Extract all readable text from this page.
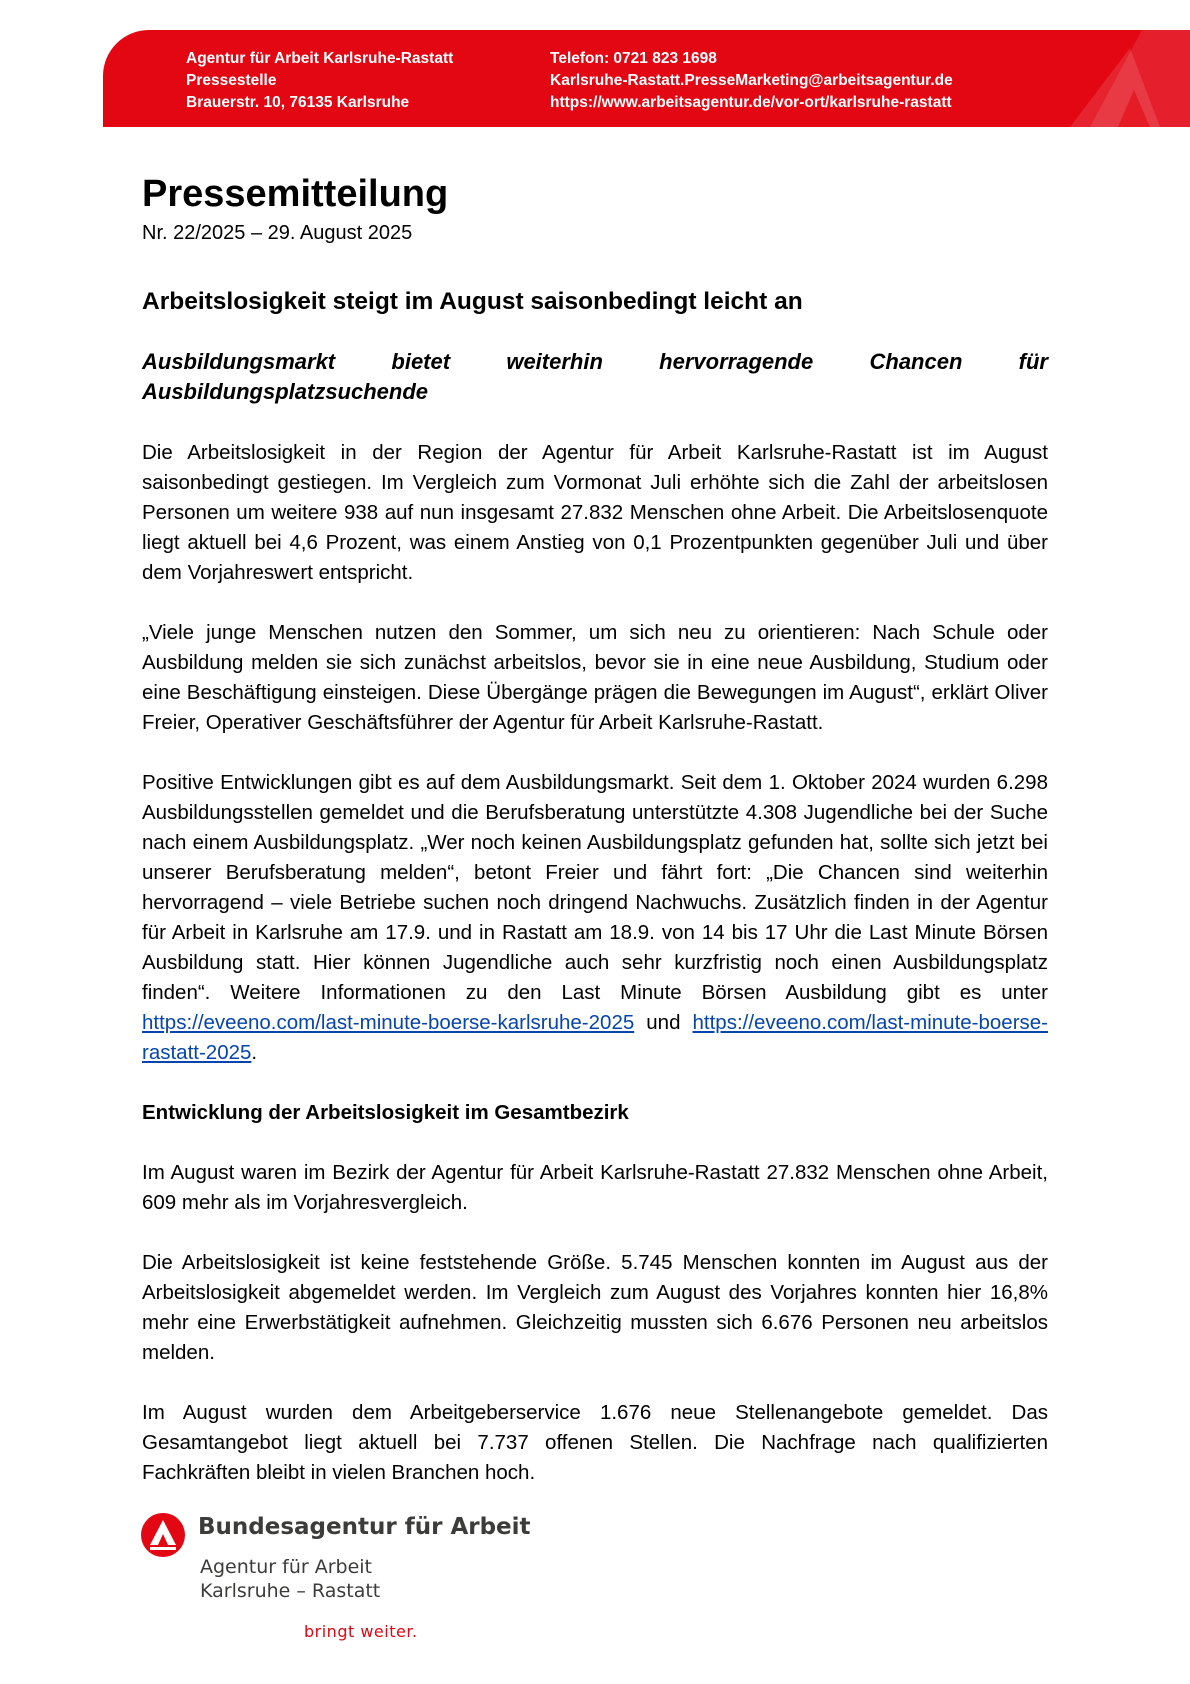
Agentur für Arbeit Karlsruhe-Rastatt
Pressestelle
Brauerstr. 10, 76135 Karlsruhe
Telefon: 0721 823 1698
Karlsruhe-Rastatt.PresseMarketing@arbeitsagentur.de
https://www.arbeitsagentur.de/vor-ort/karlsruhe-rastatt
Pressemitteilung
Nr. 22/2025 – 29. August 2025
Arbeitslosigkeit steigt im August saisonbedingt leicht an
Ausbildungsmarkt bietet weiterhin hervorragende Chancen für Ausbildungsplatzsuchende

Die Arbeitslosigkeit in der Region der Agentur für Arbeit Karlsruhe-Rastatt ist im August saisonbedingt gestiegen. Im Vergleich zum Vormonat Juli erhöhte sich die Zahl der arbeitslosen Personen um weitere 938 auf nun insgesamt 27.832 Menschen ohne Arbeit. Die Arbeitslosenquote liegt aktuell bei 4,6 Prozent, was einem Anstieg von 0,1 Prozentpunkten gegenüber Juli und über dem Vorjahreswert entspricht.

„Viele junge Menschen nutzen den Sommer, um sich neu zu orientieren: Nach Schule oder Ausbildung melden sie sich zunächst arbeitslos, bevor sie in eine neue Ausbildung, Studium oder eine Beschäftigung einsteigen. Diese Übergänge prägen die Bewegungen im August“, erklärt Oliver Freier, Operativer Geschäftsführer der Agentur für Arbeit Karlsruhe-Rastatt.

Positive Entwicklungen gibt es auf dem Ausbildungsmarkt. Seit dem 1. Oktober 2024 wurden 6.298 Ausbildungsstellen gemeldet und die Berufsberatung unterstützte 4.308 Jugendliche bei der Suche nach einem Ausbildungsplatz. „Wer noch keinen Ausbildungsplatz gefunden hat, sollte sich jetzt bei unserer Berufsberatung melden“, betont Freier und fährt fort: „Die Chancen sind weiterhin hervorragend – viele Betriebe suchen noch dringend Nachwuchs. Zusätzlich finden in der Agentur für Arbeit in Karlsruhe am 17.9. und in Rastatt am 18.9. von 14 bis 17 Uhr die Last Minute Börsen Ausbildung statt. Hier können Jugendliche auch sehr kurzfristig noch einen Ausbildungsplatz finden“. Weitere Informationen zu den Last Minute Börsen Ausbildung gibt es unter https://eveeno.com/last-minute-boerse-karlsruhe-2025 und https://eveeno.com/last-minute-boerse-rastatt-2025.

Entwicklung der Arbeitslosigkeit im Gesamtbezirk

Im August waren im Bezirk der Agentur für Arbeit Karlsruhe-Rastatt 27.832 Menschen ohne Arbeit, 609 mehr als im Vorjahresvergleich.

Die Arbeitslosigkeit ist keine feststehende Größe. 5.745 Menschen konnten im August aus der Arbeitslosigkeit abgemeldet werden. Im Vergleich zum August des Vorjahres konnten hier 16,8% mehr eine Erwerbstätigkeit aufnehmen. Gleichzeitig mussten sich 6.676 Personen neu arbeitslos melden.

Im August wurden dem Arbeitgeberservice 1.676 neue Stellenangebote gemeldet. Das Gesamtangebot liegt aktuell bei 7.737 offenen Stellen. Die Nachfrage nach qualifizierten Fachkräften bleibt in vielen Branchen hoch.

Bundesagentur für Arbeit
Agentur für Arbeit
Karlsruhe – Rastatt
bringt weiter.
